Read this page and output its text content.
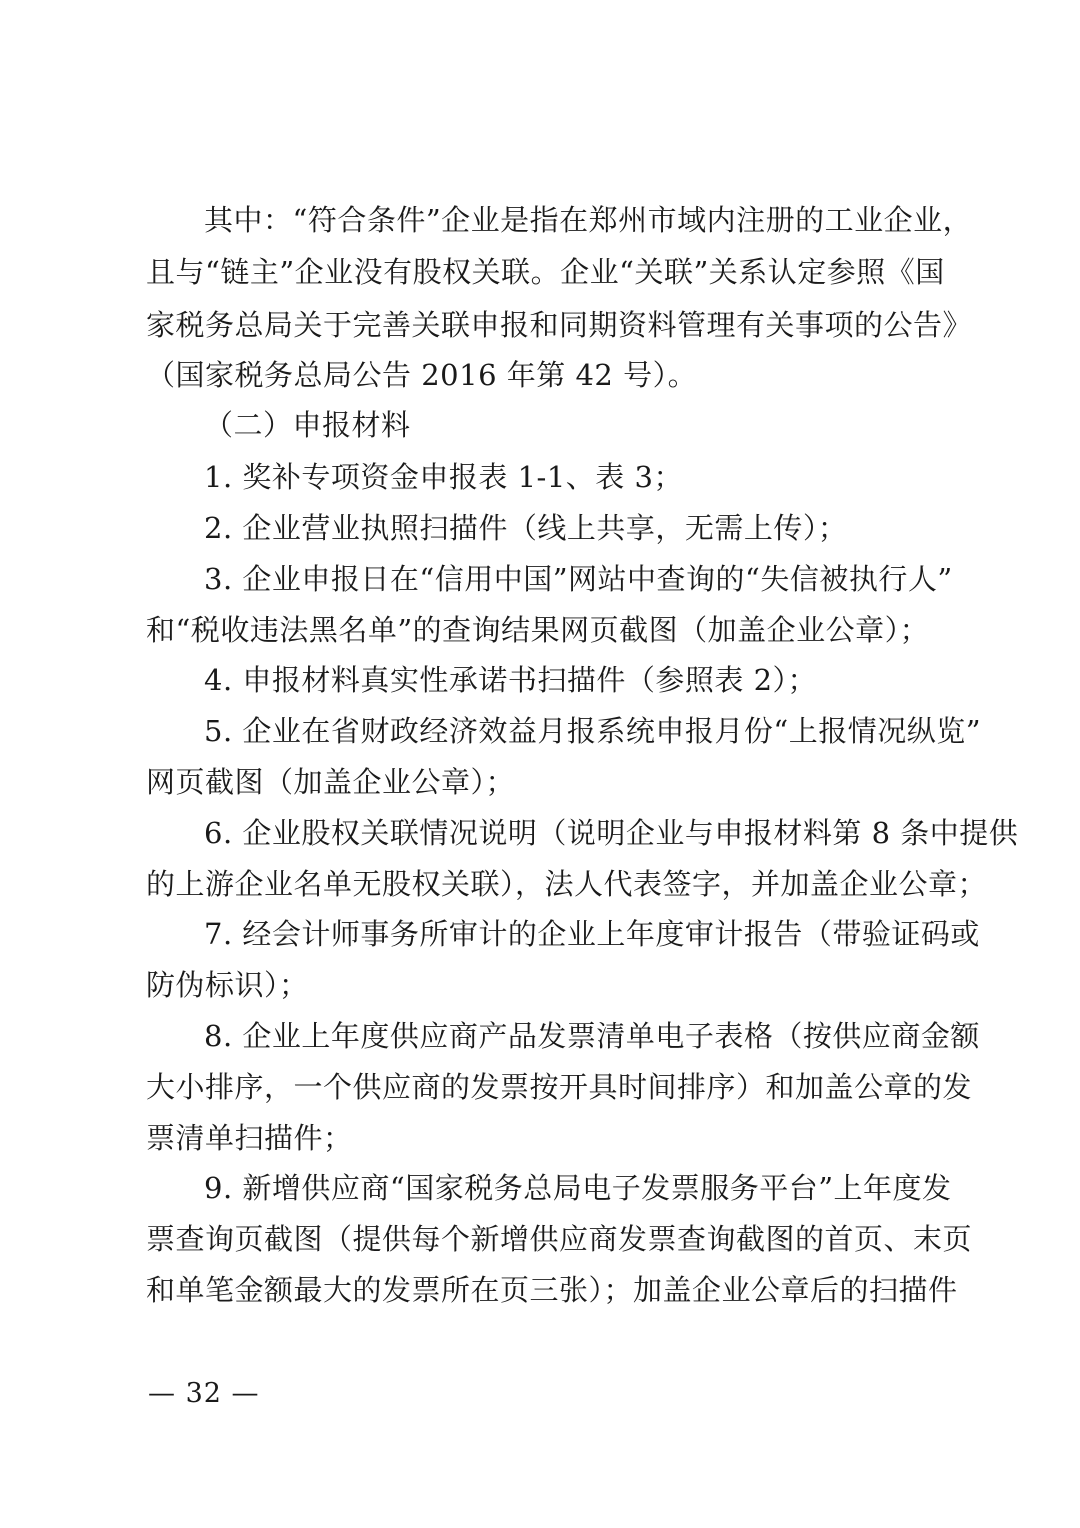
其中：“符合条件”企业是指在郑州市域内注册的工业企业，
且与“链主”企业没有股权关联。企业“关联”关系认定参照《国
家税务总局关于完善关联申报和同期资料管理有关事项的公告》
（国家税务总局公告 2016 年第 42 号）。
（二）申报材料
1. 奖补专项资金申报表 1-1、表 3；
2. 企业营业执照扫描件（线上共享，无需上传）；
3. 企业申报日在“信用中国”网站中查询的“失信被执行人”
和“税收违法黑名单”的查询结果网页截图（加盖企业公章）；
4. 申报材料真实性承诺书扫描件（参照表 2）；
5. 企业在省财政经济效益月报系统申报月份“上报情况纵览”
网页截图（加盖企业公章）；
6. 企业股权关联情况说明（说明企业与申报材料第 8 条中提供
的上游企业名单无股权关联），法人代表签字，并加盖企业公章；
7. 经会计师事务所审计的企业上年度审计报告（带验证码或
防伪标识）；
8. 企业上年度供应商产品发票清单电子表格（按供应商金额
大小排序，一个供应商的发票按开具时间排序）和加盖公章的发
票清单扫描件；
9. 新增供应商“国家税务总局电子发票服务平台”上年度发
票查询页截图（提供每个新增供应商发票查询截图的首页、末页
和单笔金额最大的发票所在页三张）；加盖企业公章后的扫描件
— 32 —
